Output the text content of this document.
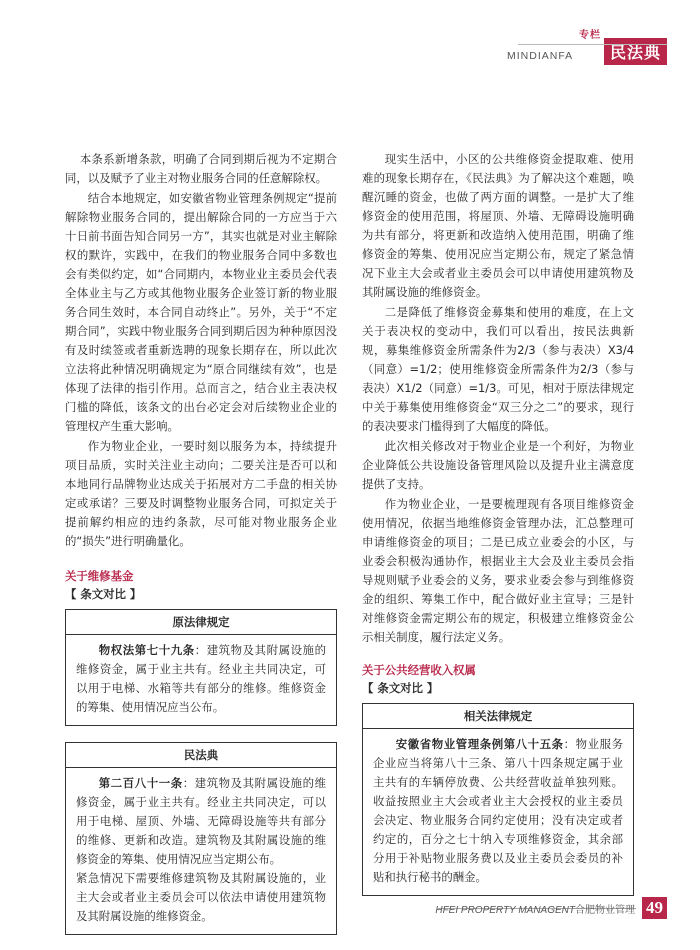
专栏
MINDIANFA	民法典

本条系新增条款，明确了合同到期后视为不定期合同，以及赋予了业主对物业服务合同的任意解除权。

结合本地规定，如安徽省物业管理条例规定“提前解除物业服务合同的，提出解除合同的一方应当于六十日前书面告知合同另一方”，其实也就是对业主解除权的默许，实践中，在我们的物业服务合同中多数也会有类似约定，如“合同期内，本物业业主委员会代表全体业主与乙方或其他物业服务企业签订新的物业服务合同生效时，本合同自动终止”。另外，关于“不定期合同”，实践中物业服务合同到期后因为种种原因没有及时续签或者重新选聘的现象长期存在，所以此次立法将此种情况明确规定为“原合同继续有效”，也是体现了法律的指引作用。总而言之，结合业主表决权门槛的降低，该条文的出台必定会对后续物业企业的管理权产生重大影响。

作为物业企业，一要时刻以服务为本，持续提升项目品质，实时关注业主动向；二要关注是否可以和本地同行品牌物业达成关于拓展对方二手盘的相关协定或承诺？三要及时调整物业服务合同，可拟定关于提前解约相应的违约条款，尽可能对物业服务企业的“损失”进行明确量化。

关于维修基金
【 条文对比 】
原法律规定

物权法第七十九条：建筑物及其附属设施的维修资金，属于业主共有。经业主共同决定，可以用于电梯、水箱等共有部分的维修。维修资金的筹集、使用情况应当公布。

民法典

第二百八十一条：建筑物及其附属设施的维修资金，属于业主共有。经业主共同决定，可以用于电梯、屋顶、外墙、无障碍设施等共有部分的维修、更新和改造。建筑物及其附属设施的维修资金的筹集、使用情况应当定期公布。

紧急情况下需要维修建筑物及其附属设施的，业主大会或者业主委员会可以依法申请使用建筑物及其附属设施的维修资金。

现实生活中，小区的公共维修资金提取难、使用难的现象长期存在，《民法典》为了解决这个难题，唤醒沉睡的资金，也做了两方面的调整。一是扩大了维修资金的使用范围，将屋顶、外墙、无障碍设施明确为共有部分，将更新和改造纳入使用范围，明确了维修资金的筹集、使用况应当定期公布，规定了紧急情况下业主大会或者业主委员会可以申请使用建筑物及其附属设施的维修资金。

二是降低了维修资金募集和使用的难度，在上文关于表决权的变动中，我们可以看出，按民法典新规，募集维修资金所需条件为2/3（参与表决）X3/4（同意）=1/2；使用维修资金所需条件为2/3（参与表决）X1/2（同意）=1/3。可见，相对于原法律规定中关于募集使用维修资金“双三分之二”的要求，现行的表决要求门槛得到了大幅度的降低。

此次相关修改对于物业企业是一个利好，为物业企业降低公共设施设备管理风险以及提升业主满意度提供了支持。

作为物业企业，一是要梳理现有各项目维修资金使用情况，依据当地维修资金管理办法，汇总整理可申请维修资金的项目；二是已成立业委会的小区，与业委会积极沟通协作，根据业主大会及业主委员会指导规则赋予业委会的义务，要求业委会参与到维修资金的组织、筹集工作中，配合做好业主宣导；三是针对维修资金需定期公布的规定，积极建立维修资金公示相关制度，履行法定义务。

关于公共经营收入权属
【 条文对比 】
相关法律规定

安徽省物业管理条例第八十五条：物业服务企业应当将第八十三条、第八十四条规定属于业主共有的车辆停放费、公共经营收益单独列账。收益按照业主大会或者业主大会授权的业主委员会决定、物业服务合同约定使用；没有决定或者约定的，百分之七十纳入专项维修资金，其余部分用于补贴物业服务费以及业主委员会委员的补贴和执行秘书的酬金。

HFEI PROPERTY MANAGENT合肥物业管理 49
